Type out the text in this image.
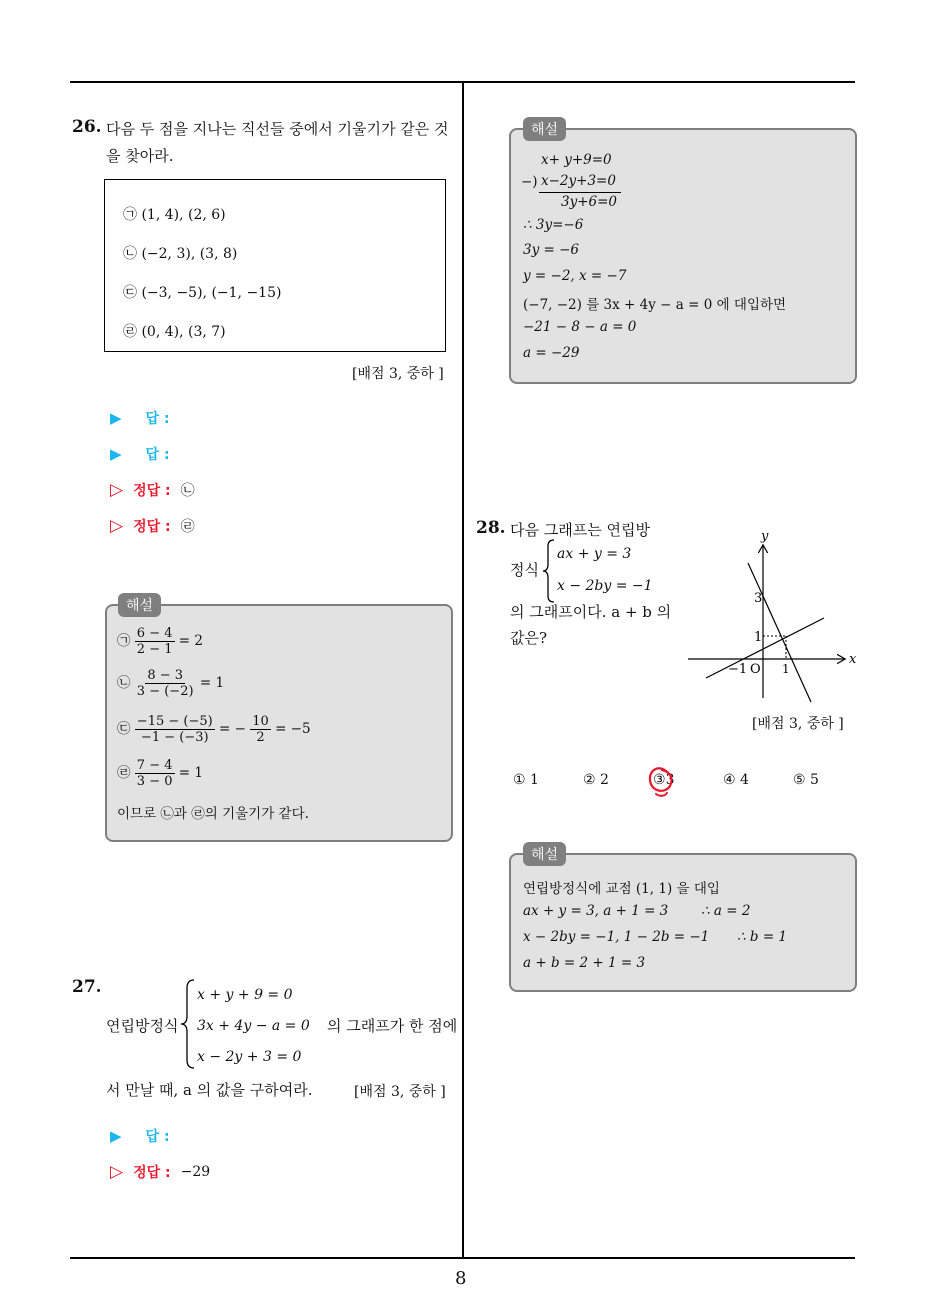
8
26. 다음 두 점을 지나는 직선들 중에서 기울기가 같은 것
을 찾아라.
㉠ (1, 4), (2, 6)
㉡ (−2, 3), (3, 8)
㉢ (−3, −5), (−1, −15)
㉣ (0, 4), (3, 7)
[배점 3, 중하 ]
▶ 답 :
▶ 답 :
▷ 정답 : ㉡
▷ 정답 : ㉣
㉠ $\frac{6 - 4}{2 - 1} = 2$
㉡ $\frac{8 - 3}{3 - (-2)} = 1$
㉢ $\frac{-15 - (-5)}{-1 - (-3)}$ = − $\frac{10}{2} = -5$
㉣ $\frac{7 - 4}{3 - 0} = 1$
이므로 ㉡과 ㉣의 기울기가 같다.
해설
27.
연립방정식
x + y + 9 = 0
3x + 4y − a = 0
x − 2y + 3 = 0
의 그래프가 한 점에
서 만날 때, a 의 값을 구하여라.	[배점 3, 중하 ]
▶ 답 :
▷ 정답 : −29
x+ y+9=0
−) x−2y+3=0
3y+6=0
∴ 3y=−6
3y = −6
y = −2, x = −7
(−7, −2) 를 3x + 4y − a = 0 에 대입하면
−21 − 8 − a = 0
a = −29
해설
28. 다음 그래프는 연립방
정식
ax + y = 3
x − 2by = −1
의 그래프이다. a + b 의
값은?
y
x
3
1
1
−1 O
[배점 3, 중하 ]
① 1	② 2	③3	④ 4	⑤ 5
연립방정식에 교점 (1, 1) 을 대입
ax + y = 3, a + 1 = 3 ∴ a = 2
x − 2by = −1, 1 − 2b = −1 ∴ b = 1
a + b = 2 + 1 = 3
해설
